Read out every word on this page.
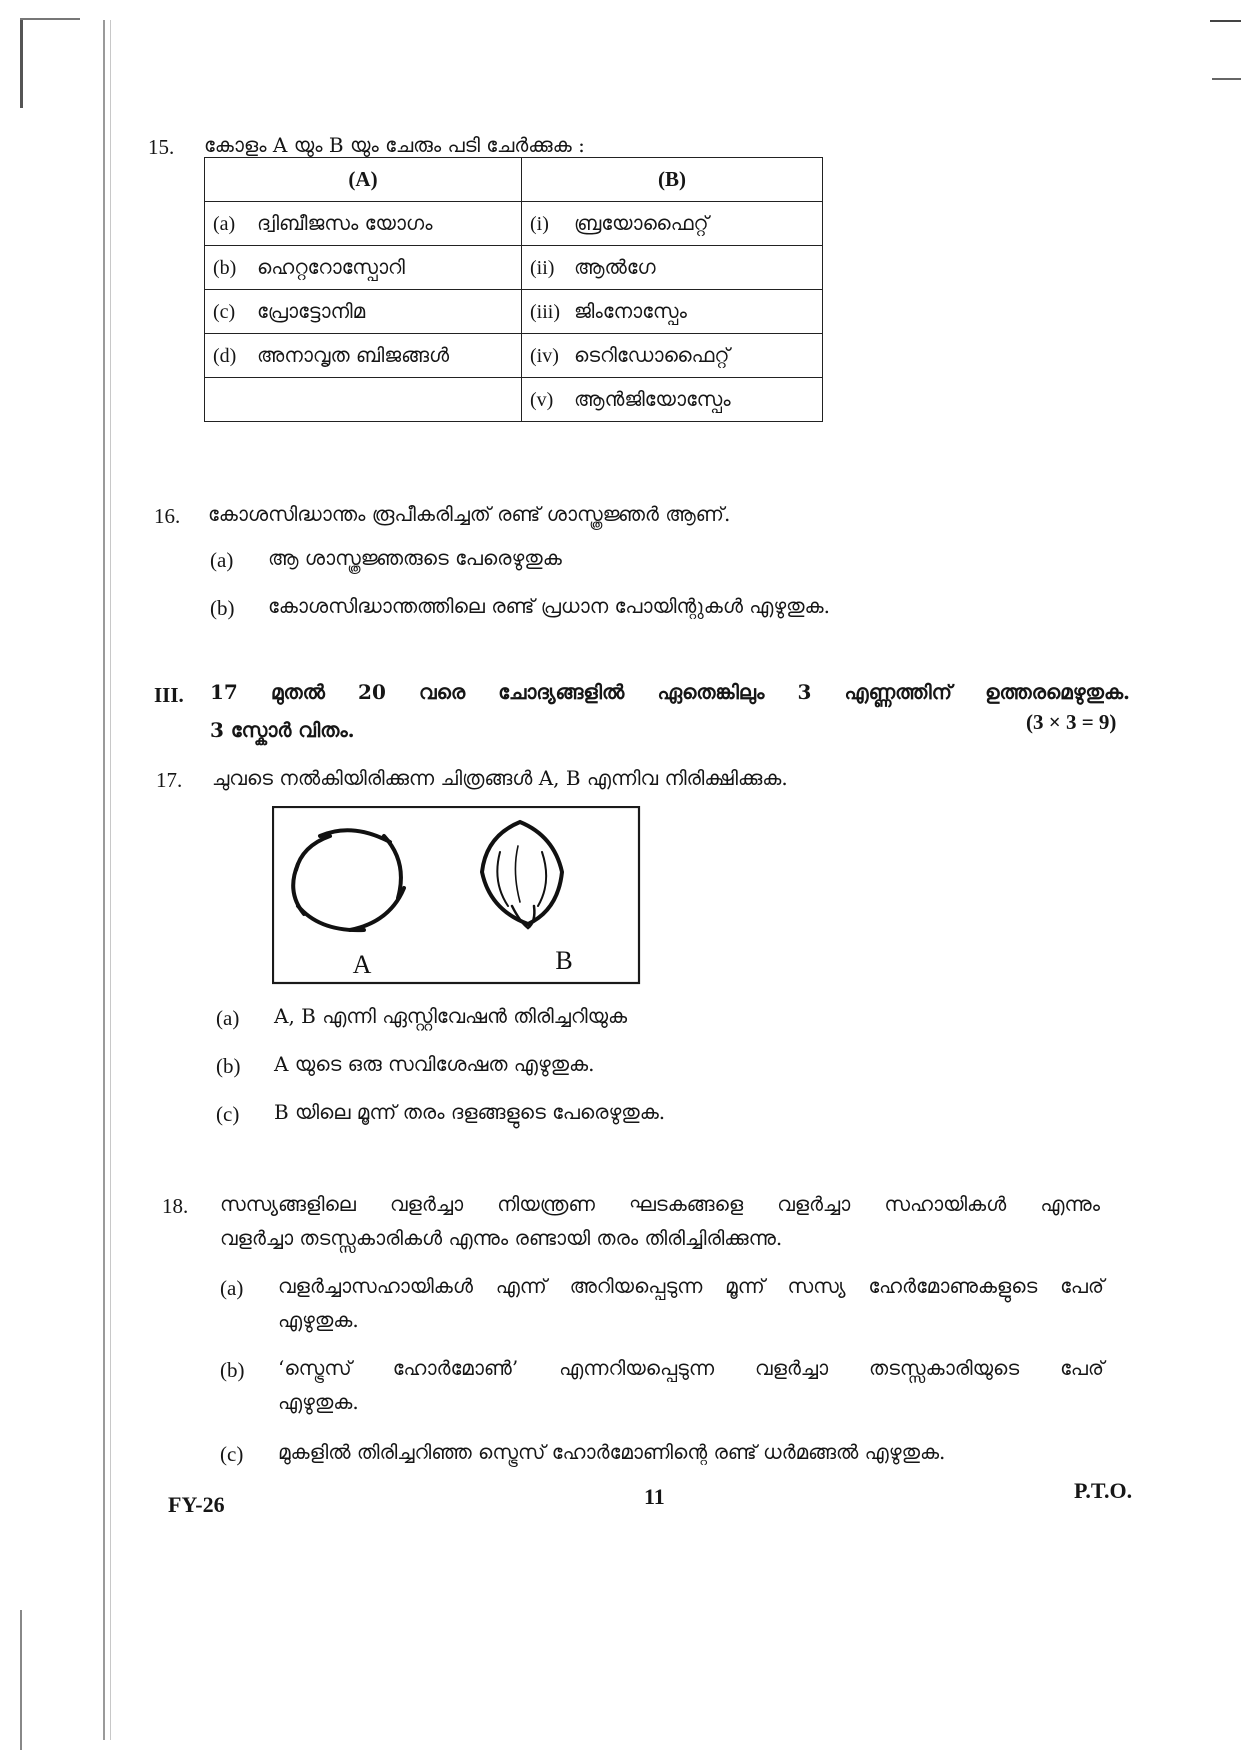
15. കോളം A യും B യും ചേരും പടി ചേർക്കുക :
(A)	(B)
(a) ദ്വിബീജസം യോഗം	(i) ബ്രയോഫൈറ്റ്
(b) ഹെറ്ററോസ്പോറി	(ii) ആൽഗേ
(c) പ്രോട്ടോനിമ	(iii) ജിംനോസ്പേം
(d) അനാവൃത ബിജങ്ങൾ	(iv) ടെറിഡോഫൈറ്റ്
	(v) ആൻജിയോസ്പേം
16. കോശസിദ്ധാന്തം രൂപീകരിച്ചത് രണ്ട് ശാസ്ത്രജ്ഞർ ആണ്.
(a) ആ ശാസ്ത്രജ്ഞരുടെ പേരെഴുതുക
(b) കോശസിദ്ധാന്തത്തിലെ രണ്ട് പ്രധാന പോയിന്റുകൾ എഴുതുക.
III. 17 മുതൽ 20 വരെ ചോദ്യങ്ങളിൽ ഏതെങ്കിലും 3 എണ്ണത്തിന് ഉത്തരമെഴുതുക.
3 സ്കോർ വിതം.	(3 × 3 = 9)
17. ചുവടെ നൽകിയിരിക്കുന്ന ചിത്രങ്ങൾ A, B എന്നിവ നിരിക്ഷിക്കുക.
A	B
(a) A, B എന്നി ഏസ്റ്റിവേഷൻ തിരിച്ചറിയുക
(b) A യുടെ ഒരു സവിശേഷത എഴുതുക.
(c) B യിലെ മൂന്ന് തരം ദളങ്ങളുടെ പേരെഴുതുക.
18. സസ്യങ്ങളിലെ വളർച്ചാ നിയന്ത്രണ ഘടകങ്ങളെ വളർച്ചാ സഹായികൾ എന്നും
വളർച്ചാ തടസ്സകാരികൾ എന്നും രണ്ടായി തരം തിരിച്ചിരിക്കുന്നു.
(a) വളർച്ചാസഹായികൾ എന്ന് അറിയപ്പെടുന്ന മൂന്ന് സസ്യ ഹേർമോണുകളുടെ പേര്
എഴുതുക.
(b) ‘സ്ട്രെസ് ഹോർമോൺ’ എന്നറിയപ്പെടുന്ന വളർച്ചാ തടസ്സകാരിയുടെ പേര്
എഴുതുക.
(c) മുകളിൽ തിരിച്ചറിഞ്ഞ സ്ട്രെസ് ഹോർമോണിന്റെ രണ്ട് ധർമങ്ങൽ എഴുതുക.
FY-26	11	P.T.O.
